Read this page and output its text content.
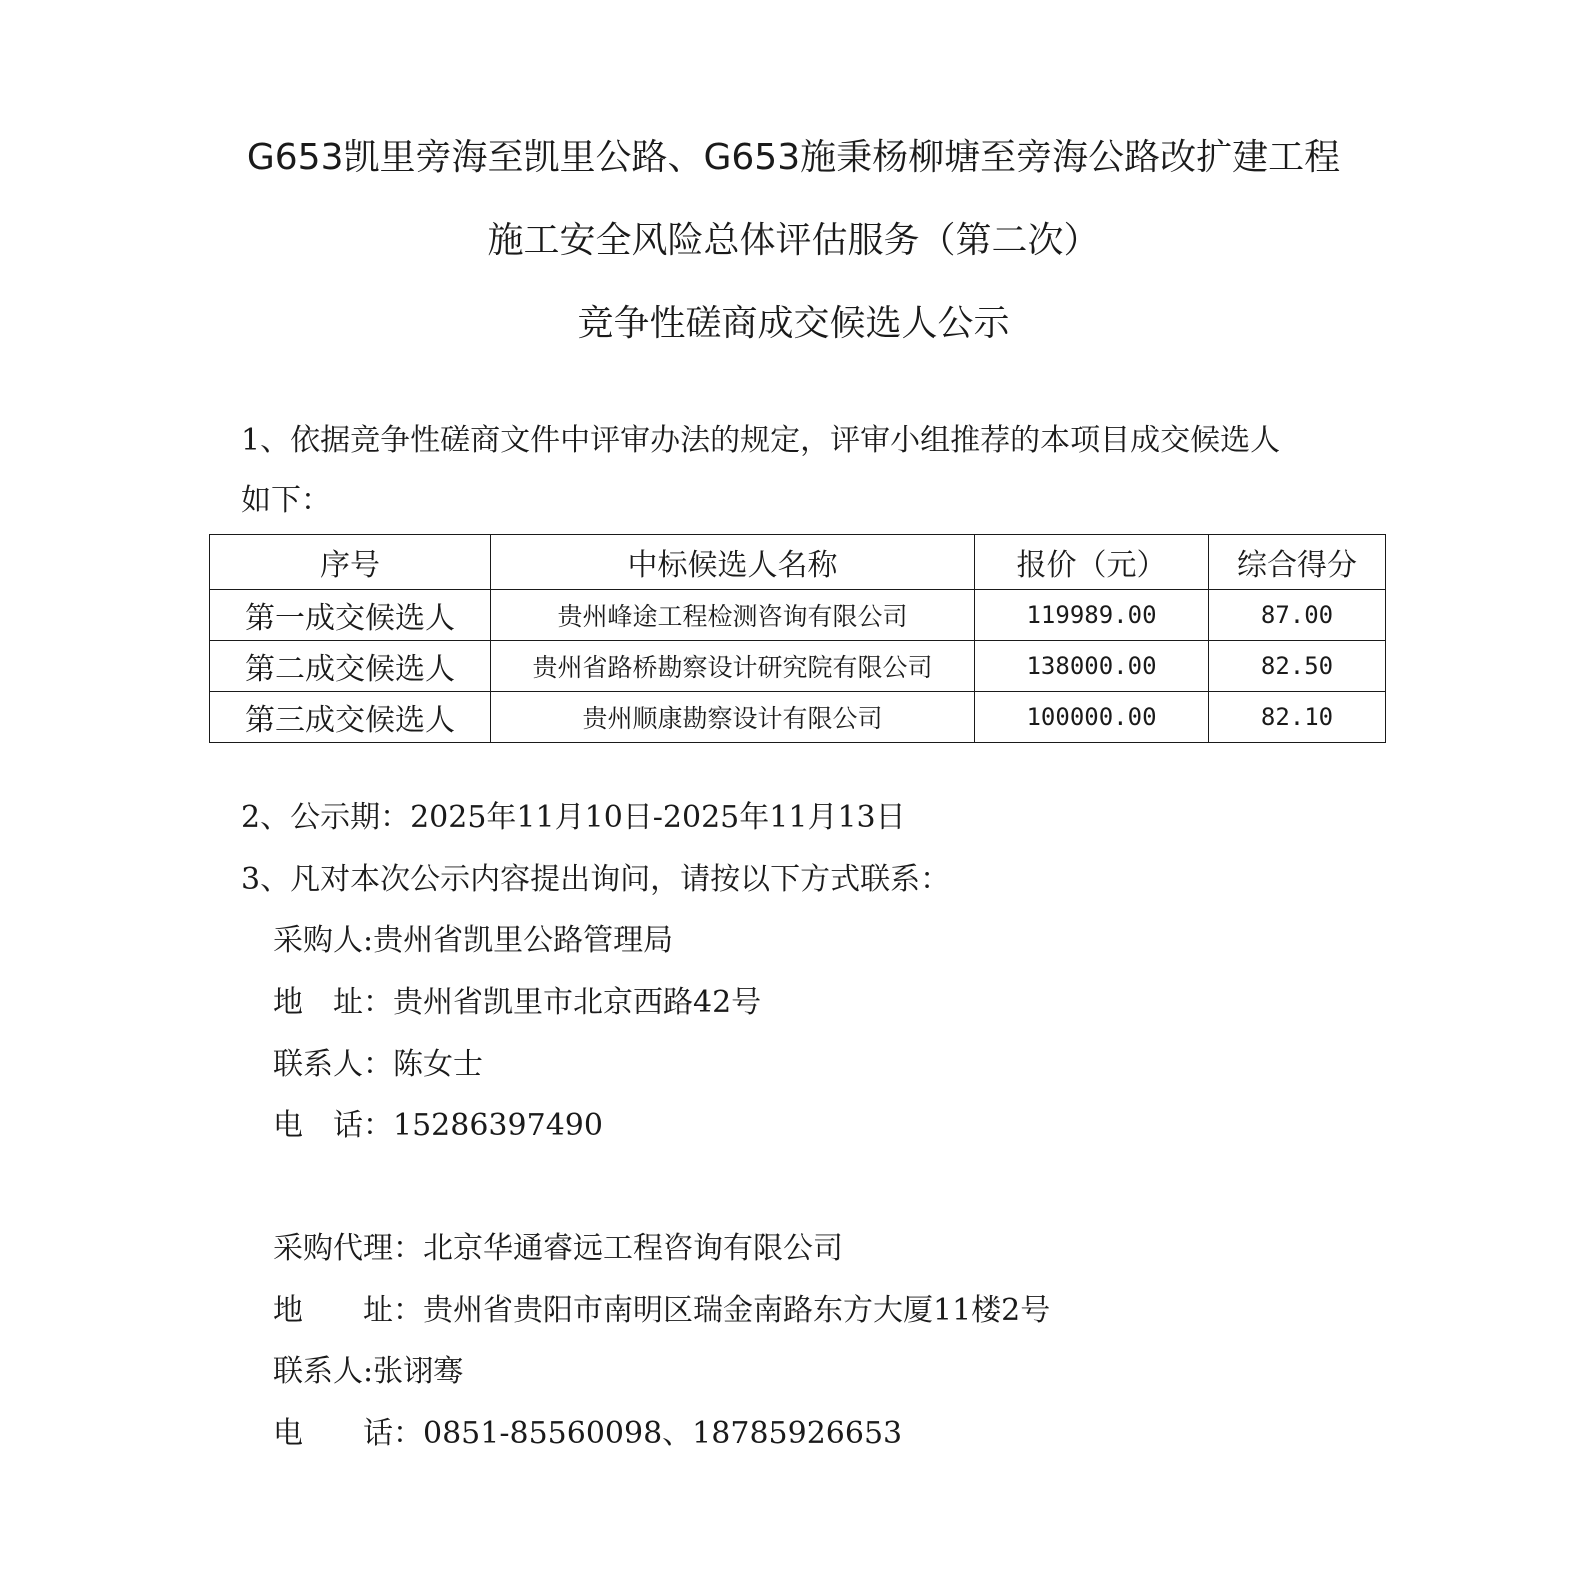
G653凯里旁海至凯里公路、G653施秉杨柳塘至旁海公路改扩建工程
施工安全风险总体评估服务（第二次）
竞争性磋商成交候选人公示
1、依据竞争性磋商文件中评审办法的规定，评审小组推荐的本项目成交候选人
如下：
序号	中标候选人名称	报价（元）	综合得分
第一成交候选人	贵州峰途工程检测咨询有限公司	119989.00	87.00
第二成交候选人	贵州省路桥勘察设计研究院有限公司	138000.00	82.50
第三成交候选人	贵州顺康勘察设计有限公司	100000.00	82.10
2、公示期：2025年11月10日-2025年11月13日
3、凡对本次公示内容提出询问，请按以下方式联系：
采购人:贵州省凯里公路管理局
地　址：贵州省凯里市北京西路42号
联系人：陈女士
电　话：15286397490
采购代理：北京华通睿远工程咨询有限公司
地　　址：贵州省贵阳市南明区瑞金南路东方大厦11楼2号
联系人:张诩骞
电　　话：0851-85560098、18785926653
